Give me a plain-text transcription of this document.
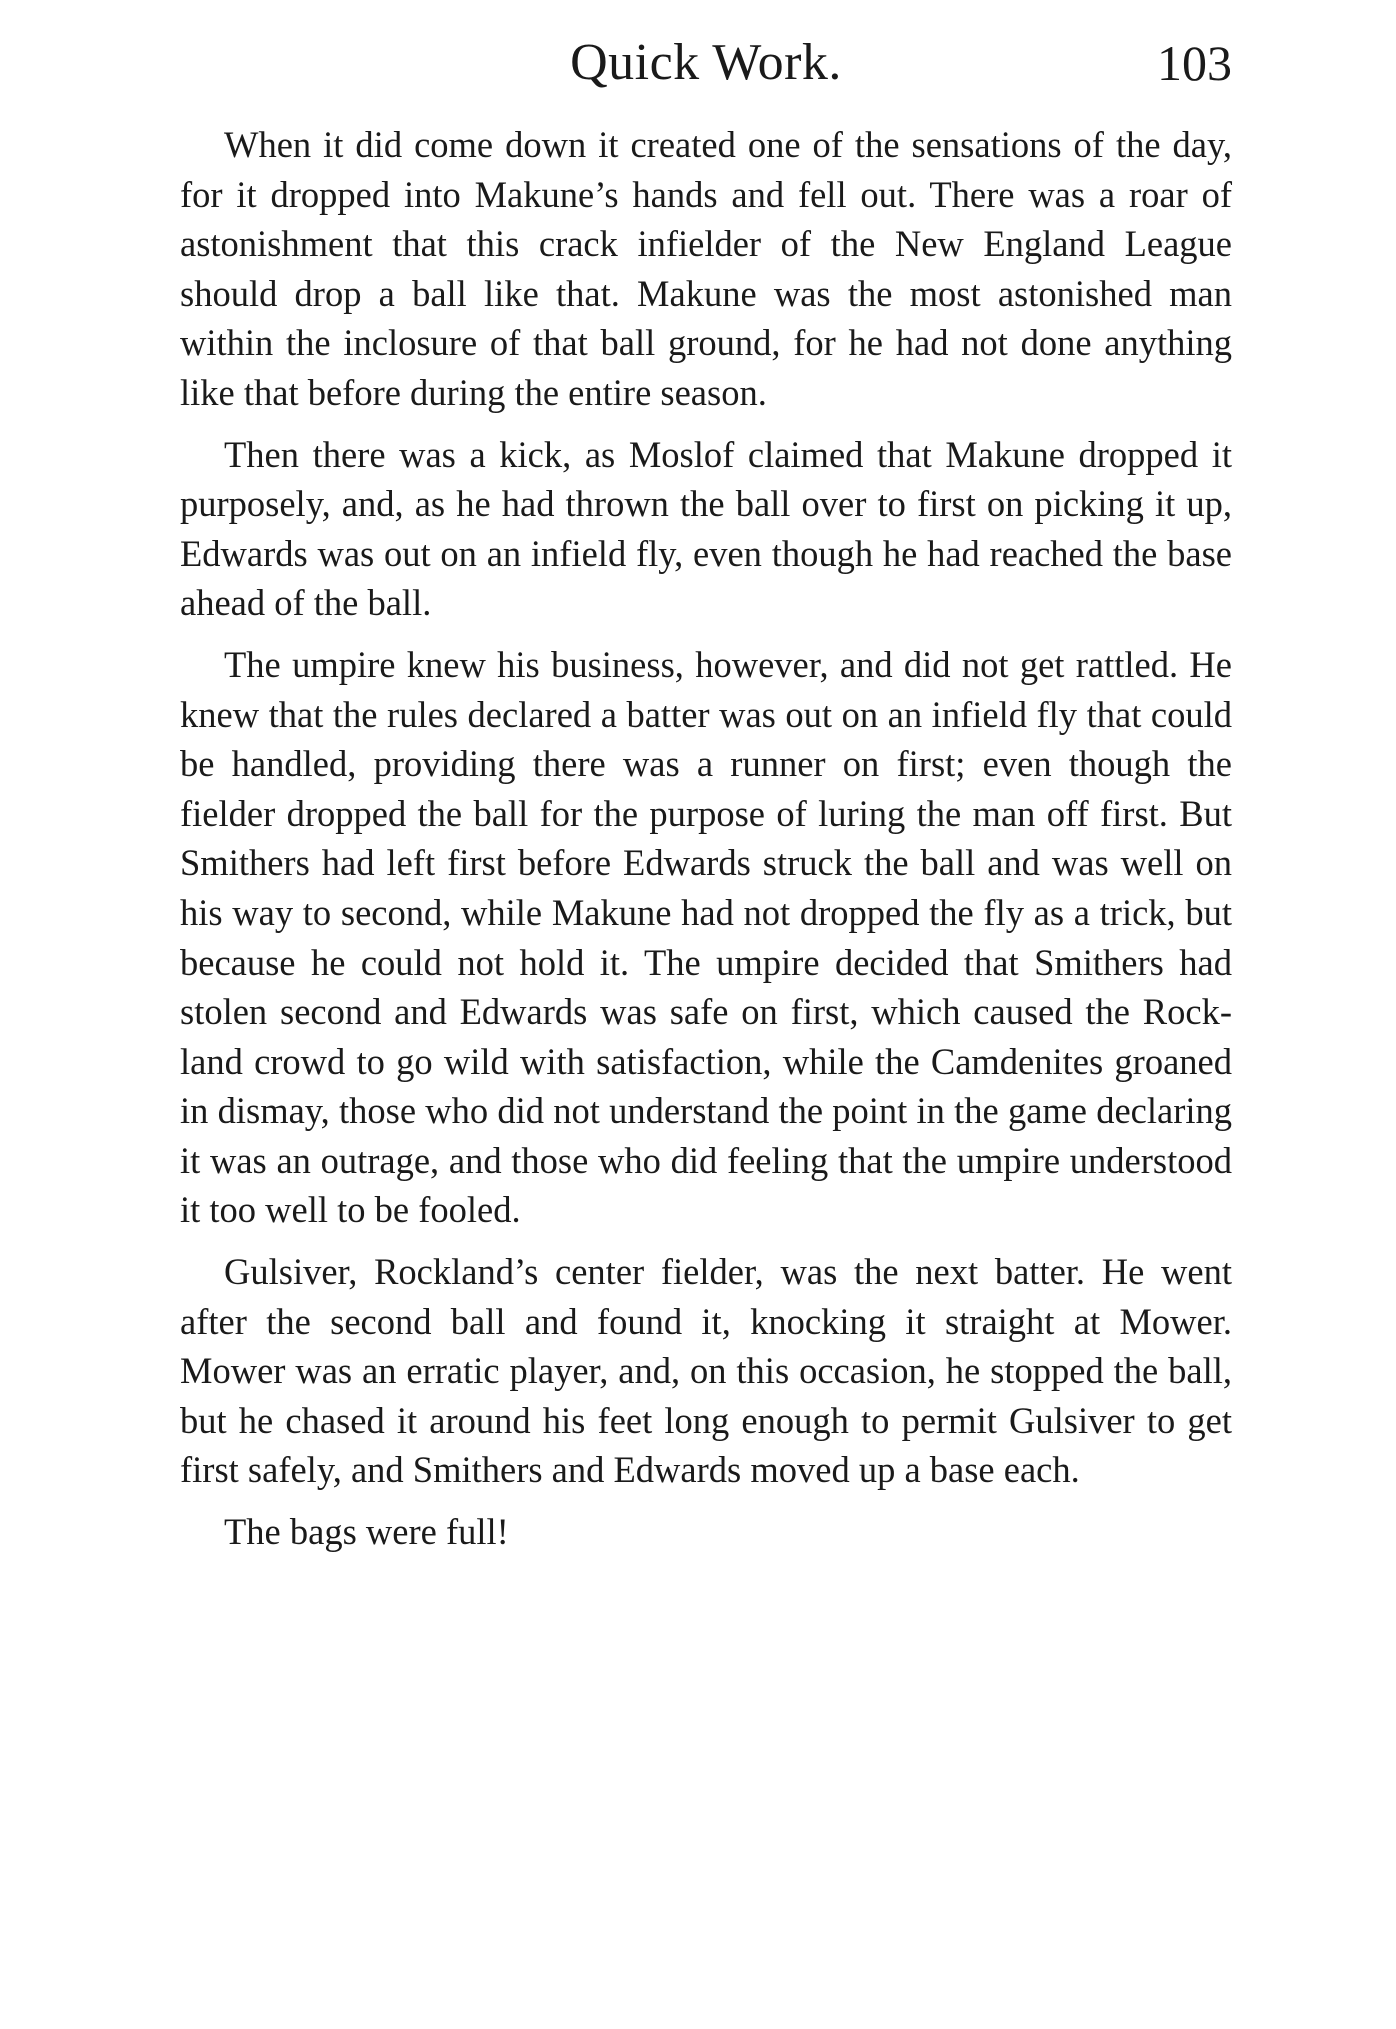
Quick Work.	103

When it did come down it created one of the sensations of the day, for it dropped into Makune’s hands and fell out. There was a roar of astonishment that this crack infielder of the New England League should drop a ball like that. Makune was the most astonished man within the inclosure of that ball ground, for he had not done anything like that before during the entire season.

Then there was a kick, as Moslof claimed that Makune dropped it purposely, and, as he had thrown the ball over to first on picking it up, Edwards was out on an infield fly, even though he had reached the base ahead of the ball.

The umpire knew his business, however, and did not get rattled. He knew that the rules declared a batter was out on an infield fly that could be handled, providing there was a runner on first; even though the fielder dropped the ball for the purpose of luring the man off first. But Smithers had left first before Edwards struck the ball and was well on his way to second, while Makune had not dropped the fly as a trick, but because he could not hold it. The umpire decided that Smithers had stolen second and Edwards was safe on first, which caused the Rockland crowd to go wild with satisfaction, while the Camdenites groaned in dismay, those who did not understand the point in the game declaring it was an outrage, and those who did feeling that the umpire understood it too well to be fooled.

Gulsiver, Rockland’s center fielder, was the next batter. He went after the second ball and found it, knocking it straight at Mower. Mower was an erratic player, and, on this occasion, he stopped the ball, but he chased it around his feet long enough to permit Gulsiver to get first safely, and Smithers and Edwards moved up a base each.

The bags were full!
